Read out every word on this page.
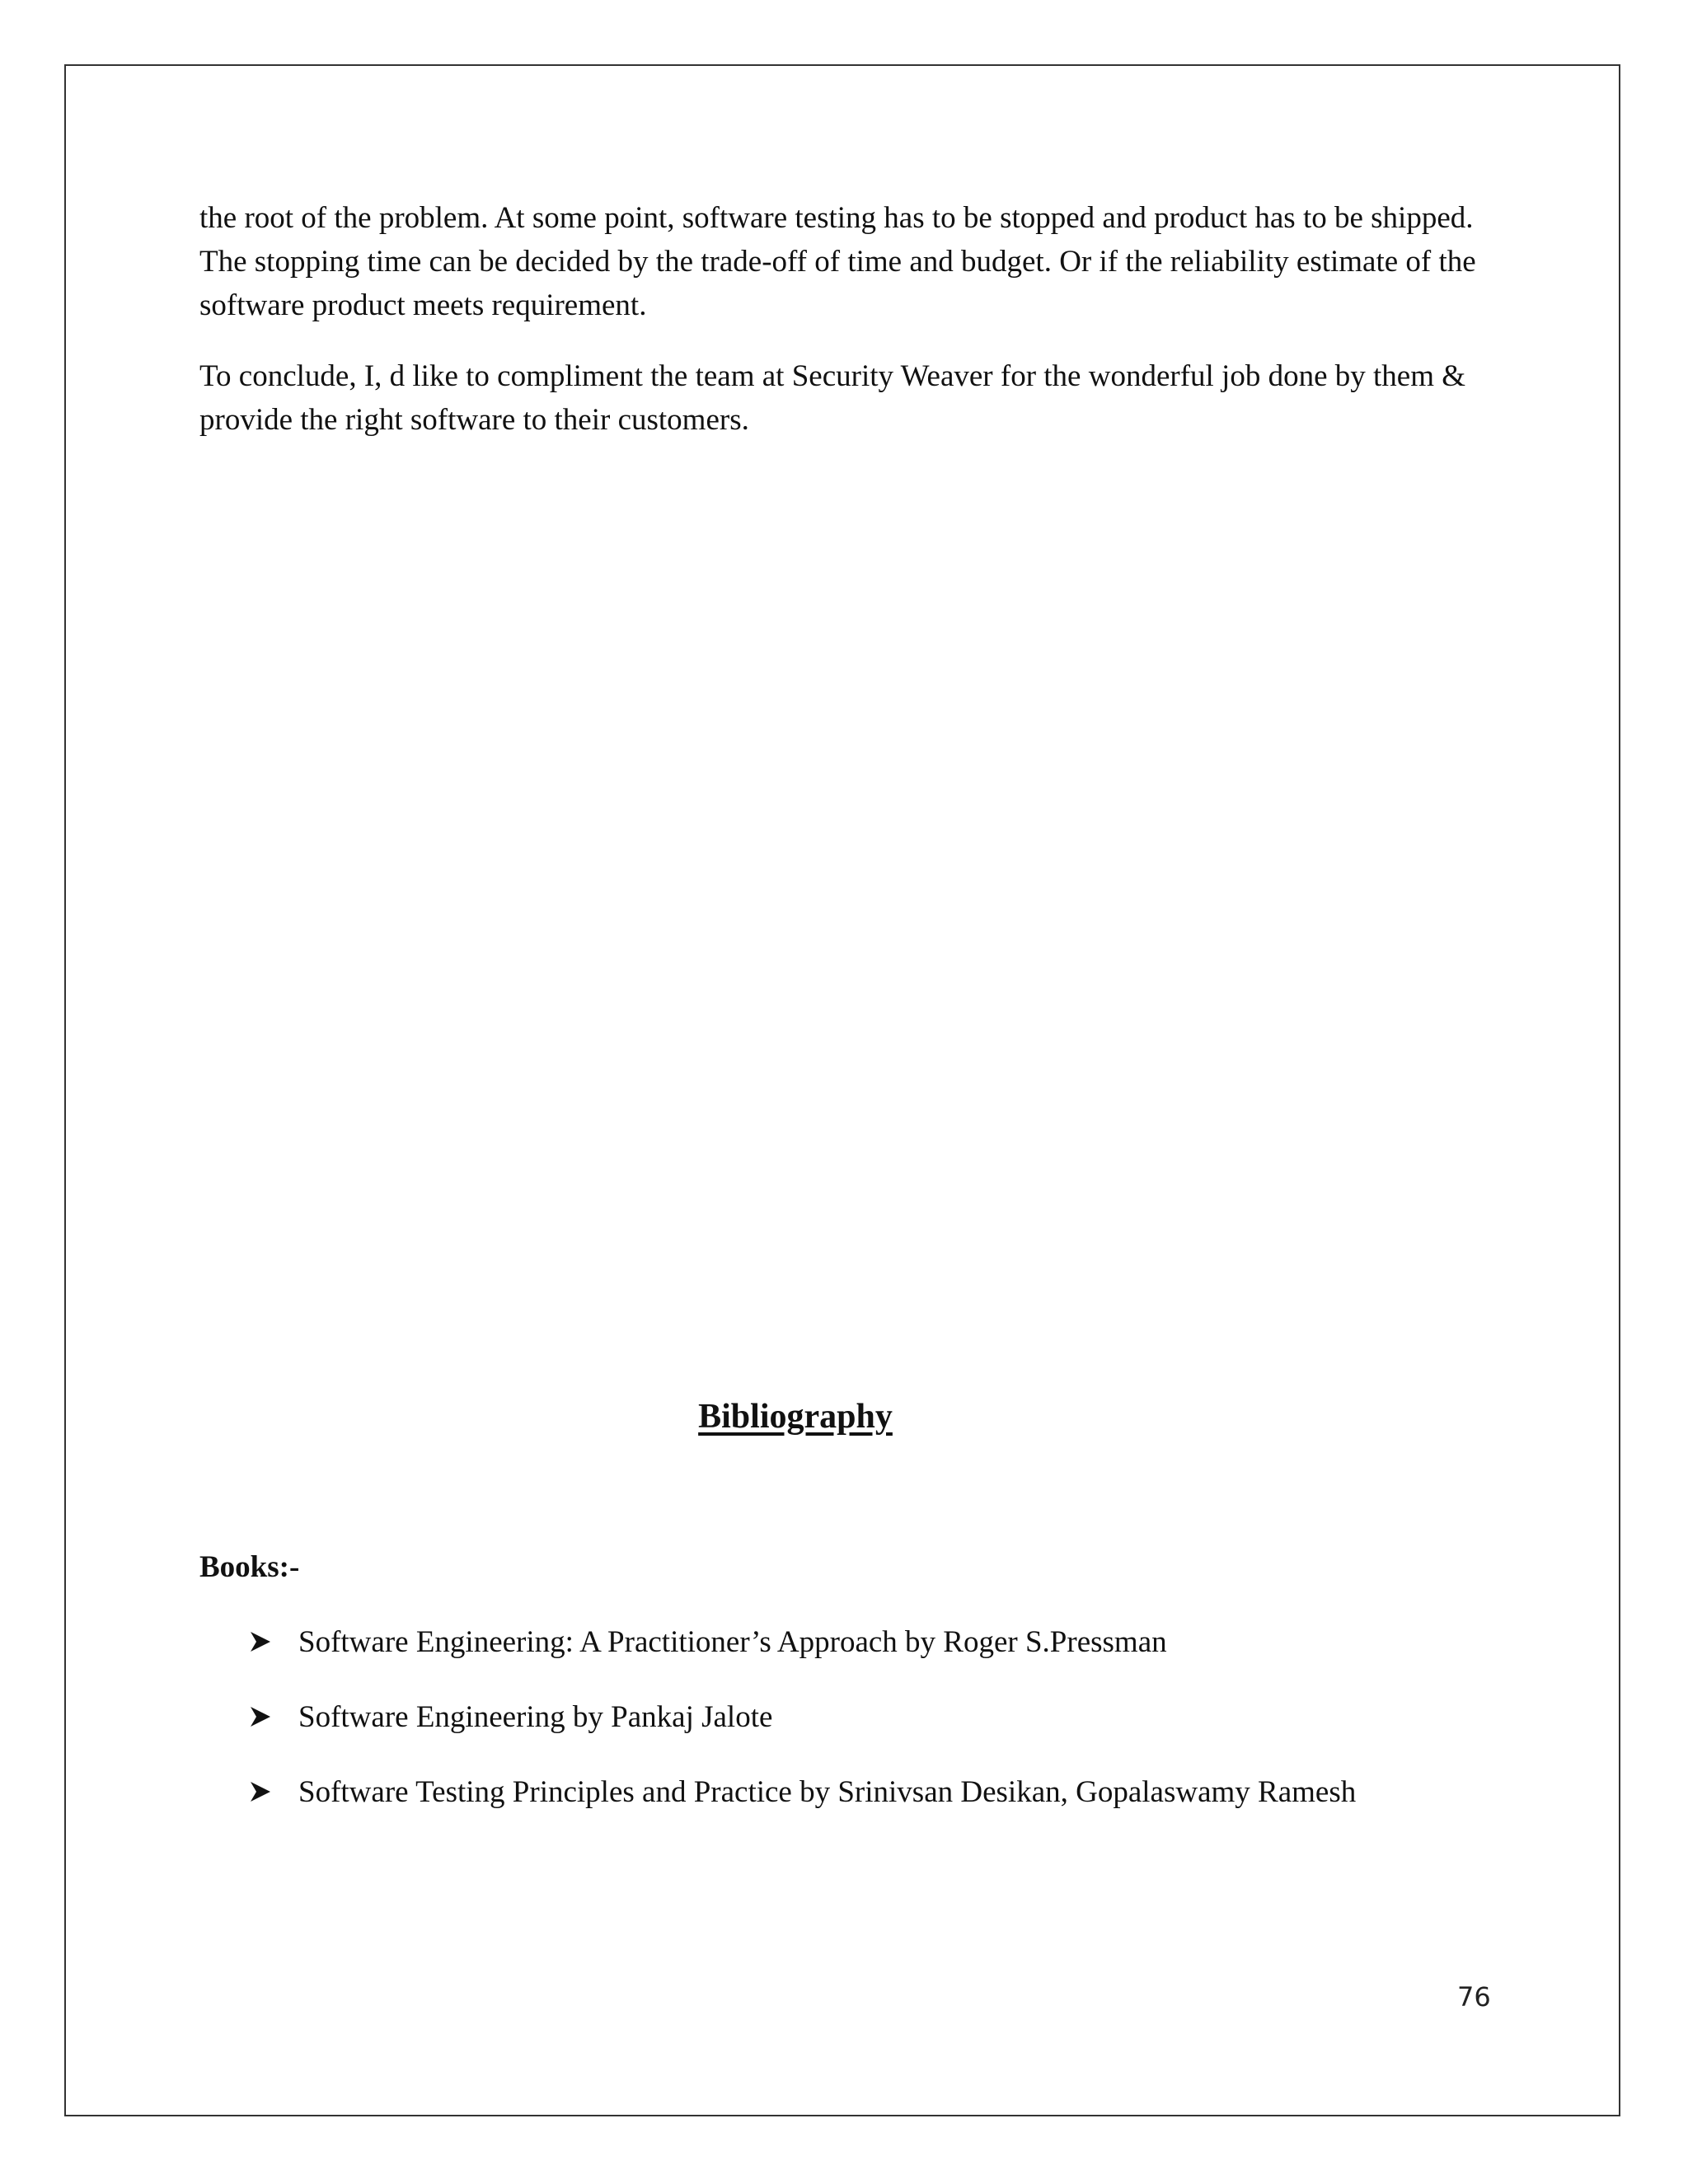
the root of the problem. At some point, software testing has to be stopped and product has to be shipped. The stopping time can be decided by the trade-off of time and budget. Or if the reliability estimate of the software product meets requirement.

To conclude, I, d like to compliment the team at Security Weaver for the wonderful job done by them & provide the right software to their customers.

Bibliography

Books:-

Software Engineering: A Practitioner’s Approach by Roger S.Pressman
Software Engineering by Pankaj Jalote
Software Testing Principles and Practice by Srinivsan Desikan, Gopalaswamy Ramesh
76
